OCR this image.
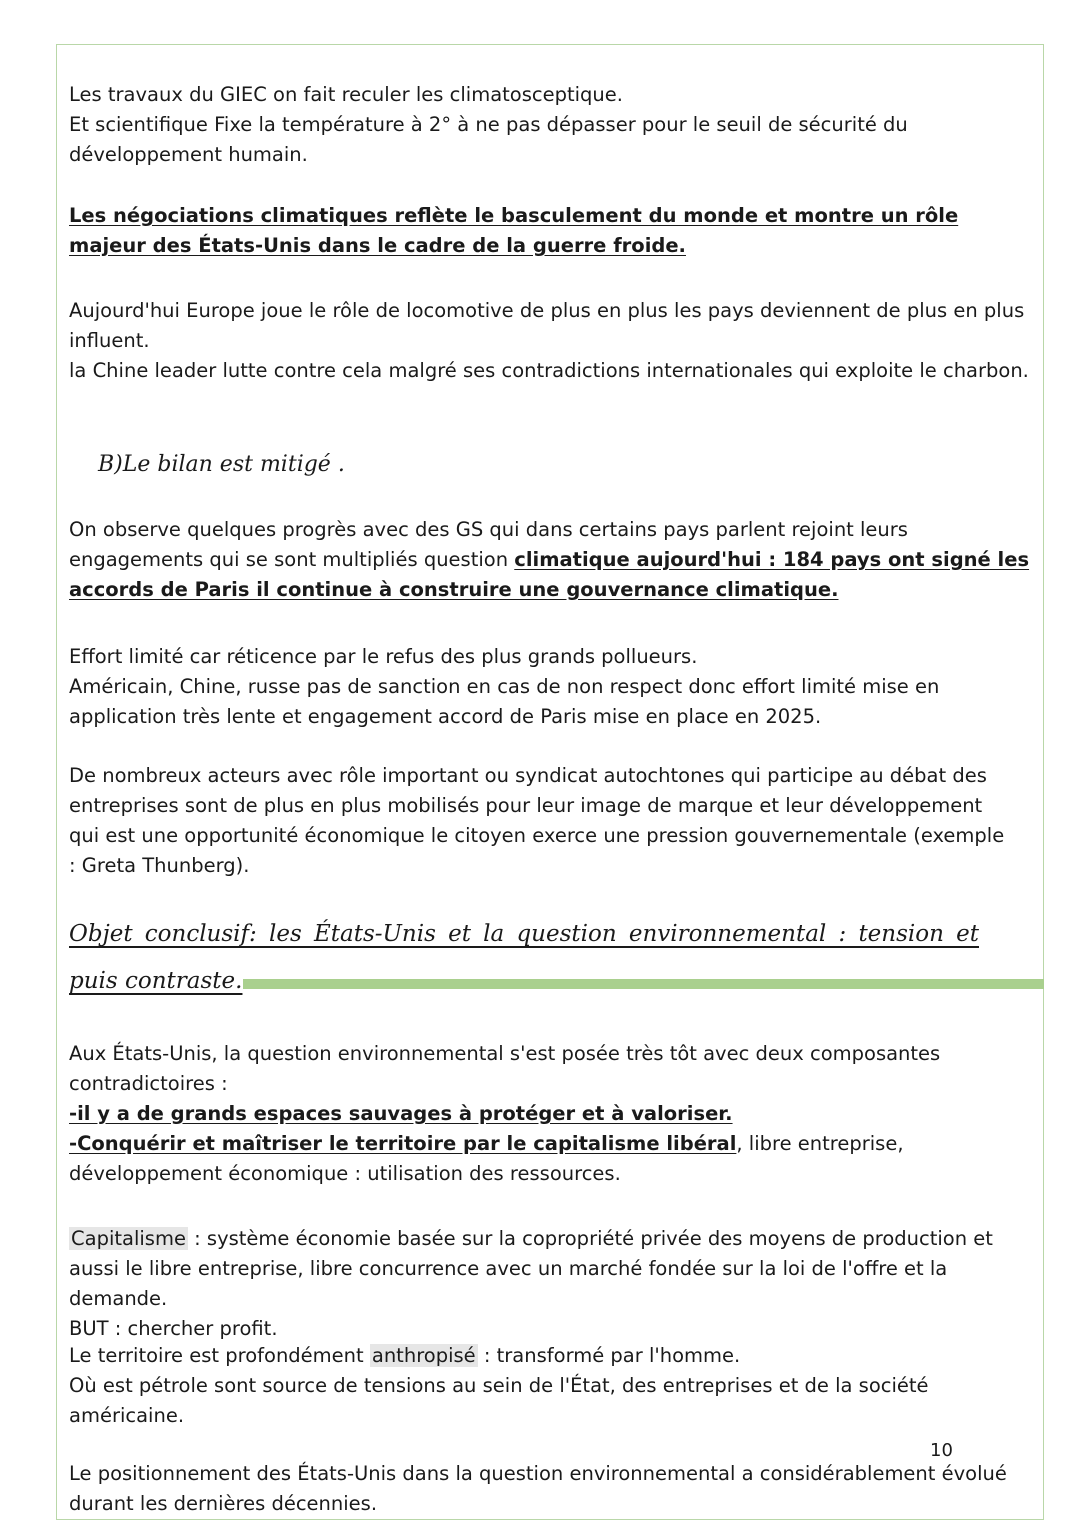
Les travaux du GIEC on fait reculer les climatosceptique.
Et scientifique Fixe la température à 2° à ne pas dépasser pour le seuil de sécurité du développement humain.
Les négociations climatiques reflète le basculement du monde et montre un rôle majeur des États-Unis dans le cadre de la guerre froide.
Aujourd'hui Europe joue le rôle de locomotive de plus en plus les pays deviennent de plus en plus influent.
la Chine leader lutte contre cela malgré ses contradictions internationales qui exploite le charbon.
B)Le bilan est mitigé .
On observe quelques progrès avec des GS qui dans certains pays parlent rejoint leurs engagements qui se sont multipliés question climatique aujourd'hui : 184 pays ont signé les accords de Paris il continue à construire une gouvernance climatique.
Effort limité car réticence par le refus des plus grands pollueurs.
Américain, Chine, russe pas de sanction en cas de non respect donc effort limité mise en application très lente et engagement accord de Paris mise en place en 2025.
De nombreux acteurs avec rôle important ou syndicat autochtones qui participe au débat des entreprises sont de plus en plus mobilisés pour leur image de marque et leur développement qui est une opportunité économique le citoyen exerce une pression gouvernementale (exemple : Greta Thunberg).

Objet conclusif: les États-Unis et la question environnemental : tension et

puis contraste.

Aux États-Unis, la question environnemental s'est posée très tôt avec deux composantes contradictoires :
-il y a de grands espaces sauvages à protéger et à valoriser.
-Conquérir et maîtriser le territoire par le capitalisme libéral, libre entreprise, développement économique : utilisation des ressources.
Capitalisme : système économie basée sur la copropriété privée des moyens de production et aussi le libre entreprise, libre concurrence avec un marché fondée sur la loi de l'offre et la demande.
BUT : chercher profit.
Le territoire est profondément anthropisé : transformé par l'homme.
Où est pétrole sont source de tensions au sein de l'État, des entreprises et de la société américaine.
10
Le positionnement des États-Unis dans la question environnemental a considérablement évolué durant les dernières décennies.
